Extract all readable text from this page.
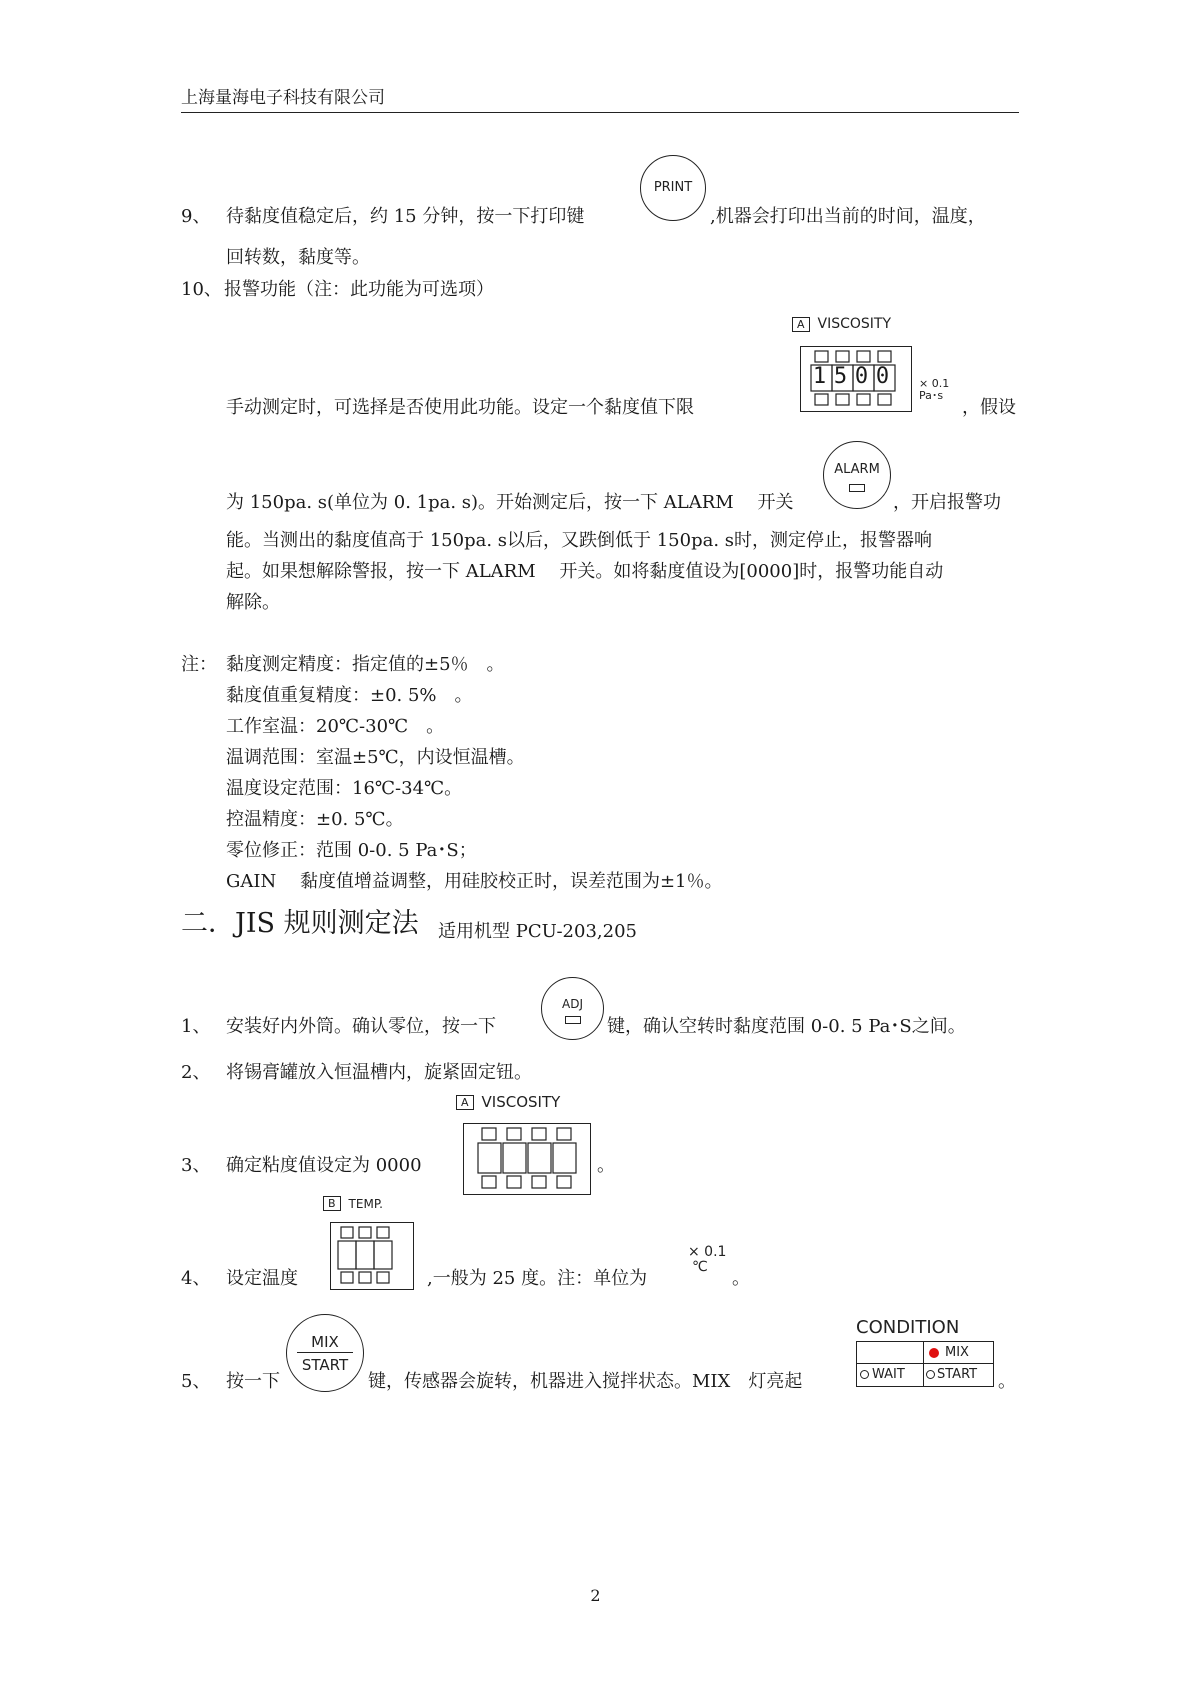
上海量海电子科技有限公司
9、 待黏度值稳定后，约 15 分钟，按一下打印键
PRINT
,机器会打印出当前的时间，温度，
回转数，黏度等。
10、 报警功能（注：此功能为可选项）
A VISCOSITY
1 5 0 0	× 0.1
Pa･s
手动测定时，可选择是否使用此功能。设定一个黏度值下限	，假设
为 150pa. s(单位为 0. 1pa. s)。开始测定后，按一下 ALARM　 开关
ALARM
，开启报警功
能。当测出的黏度值高于 150pa. s以后，又跌倒低于 150pa. s时，测定停止，报警器响
起。如果想解除警报，按一下 ALARM　 开关。如将黏度值设为[0000]时，报警功能自动
解除。
注： 黏度测定精度：指定值的±5％　。
黏度值重复精度：±0. 5%　。
工作室温：20℃-30℃　。
温调范围：室温±5℃，内设恒温槽。
温度设定范围：16℃-34℃。
控温精度：±0. 5℃。
零位修正：范围 0-0. 5 Pa･S；
GAIN　 黏度值增益调整，用硅胶校正时，误差范围为±1％。
二．JIS 规则测定法 适用机型 PCU-203,205
1、 安装好内外筒。确认零位，按一下
ADJ
键，确认空转时黏度范围 0-0. 5 Pa･S之间。
2、 将锡膏罐放入恒温槽内，旋紧固定钮。
A VISCOSITY
3、 确定粘度值设定为 0000	。
B	TEMP.
4、 设定温度	,一般为 25 度。注：单位为
× 0.1
℃
。
5、 按一下
MIX
START
键，传感器会旋转，机器进入搅拌状态。MIX　灯亮起
CONDITION
MIX
WAIT START 。
2
